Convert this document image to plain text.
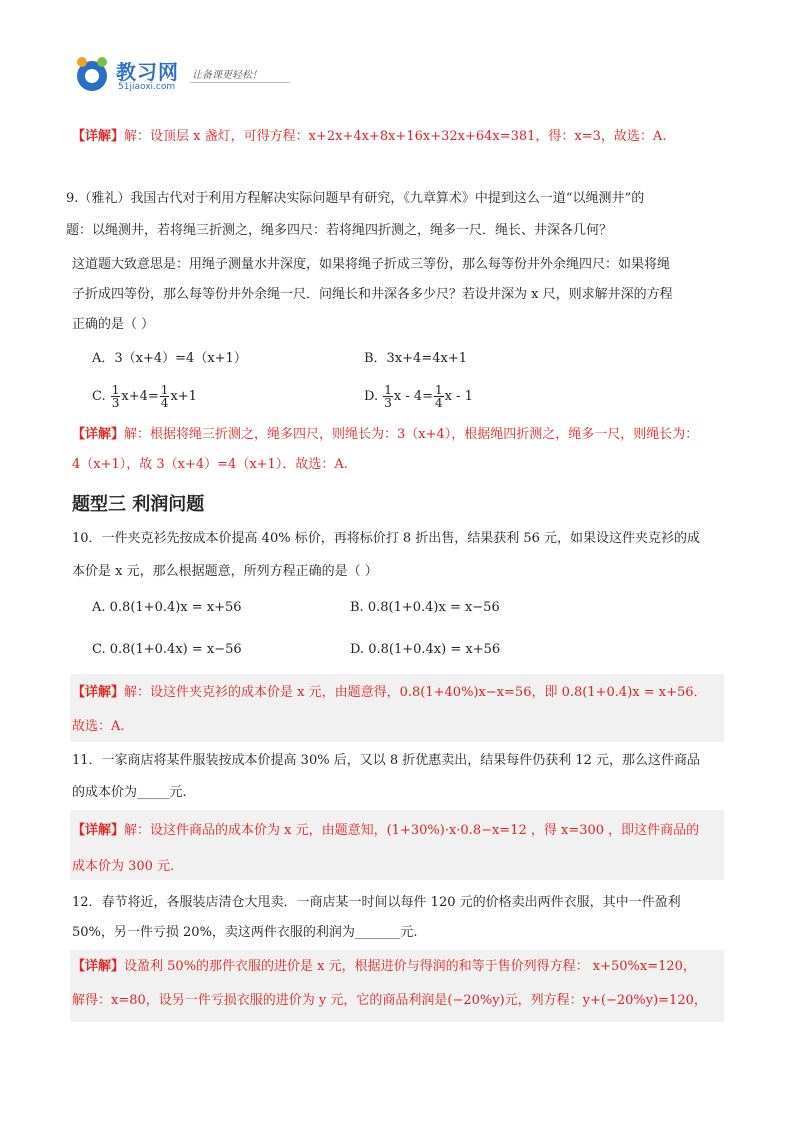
教习网
51jiaoxi.com
让备课更轻松！
【详解】解：设顶层 x 盏灯，可得方程：x+2x+4x+8x+16x+32x+64x=381，得：x=3，故选：A.
9.（雅礼）我国古代对于利用方程解决实际问题早有研究，《九章算术》中提到这么一道“以绳测井”的
题：以绳测井，若将绳三折测之，绳多四尺：若将绳四折测之，绳多一尺．绳长、井深各几何？
这道题大致意思是：用绳子测量水井深度，如果将绳子折成三等份，那么每等份井外余绳四尺：如果将绳
子折成四等份，那么每等份井外余绳一尺．问绳长和井深各多少尺？若设井深为 x 尺，则求解井深的方程
正确的是（ ）
A．3（x+4）=4（x+1）	B．3x+4=4x+1
C. $\frac{1}{3} x+4= \frac{1}{4} x+1$	D. $\frac{1}{3}$ $x - 4= \frac{1}{4}$ x - 1
【详解】解：根据将绳三折测之，绳多四尺，则绳长为：3（x+4），根据绳四折测之，绳多一尺，则绳长为：
4（x+1），故 3（x+4）=4（x+1）．故选：A.
题型三 利润问题
10．一件夹克衫先按成本价提高 40% 标价，再将标价打 8 折出售，结果获利 56 元，如果设这件夹克衫的成
本价是 x 元，那么根据题意，所列方程正确的是（ ）
A. 0.8(1+0.4)x = x+56	B. 0.8(1+0.4)x = x−56
C. 0.8(1+0.4x) = x−56	D. 0.8(1+0.4x) = x+56
【详解】解：设这件夹克衫的成本价是 x 元，由题意得，0.8(1+40%)x−x=56，即 0.8(1+0.4)x = x+56．
故选：A.
11．一家商店将某件服装按成本价提高 30% 后，又以 8 折优惠卖出，结果每件仍获利 12 元，那么这件商品
的成本价为_____元.
【详解】解：设这件商品的成本价为 x 元，由题意知，(1+30%)·x·0.8−x=12 ，得 x=300 ，即这件商品的
成本价为 300 元.
12．春节将近，各服装店清仓大甩卖．一商店某一时间以每件 120 元的价格卖出两件衣服，其中一件盈利
50%，另一件亏损 20%，卖这两件衣服的利润为_______元.
【详解】设盈利 50%的那件衣服的进价是 x 元，根据进价与得润的和等于售价列得方程： x+50%x=120，
解得：x=80，设另一件亏损衣服的进价为 y 元，它的商品利润是(−20%y)元，列方程：y+(−20%y)=120，
